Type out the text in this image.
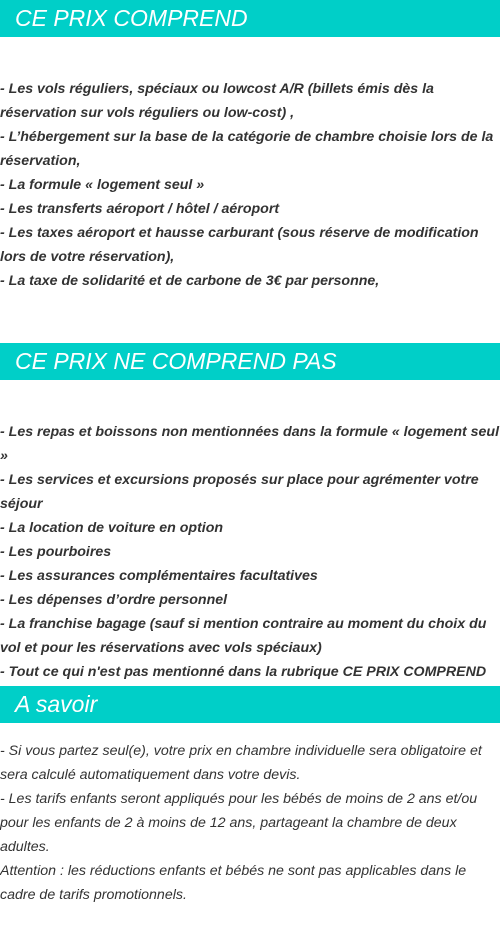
CE PRIX COMPREND
- Les vols réguliers, spéciaux ou lowcost A/R (billets émis dès la réservation sur vols réguliers ou low-cost) ,
- L’hébergement sur la base de la catégorie de chambre choisie lors de la réservation,
- La formule « logement seul »
- Les transferts aéroport / hôtel / aéroport
- Les taxes aéroport et hausse carburant (sous réserve de modification lors de votre réservation),
- La taxe de solidarité et de carbone de 3€ par personne,
CE PRIX NE COMPREND PAS
- Les repas et boissons non mentionnées dans la formule « logement seul »
- Les services et excursions proposés sur place pour agrémenter votre séjour
- La location de voiture en option
- Les pourboires
- Les assurances complémentaires facultatives
- Les dépenses d’ordre personnel
- La franchise bagage (sauf si mention contraire au moment du choix du vol et pour les réservations avec vols spéciaux)
- Tout ce qui n'est pas mentionné dans la rubrique CE PRIX COMPREND
A savoir
- Si vous partez seul(e), votre prix en chambre individuelle sera obligatoire et sera calculé automatiquement dans votre devis.
- Les tarifs enfants seront appliqués pour les bébés de moins de 2 ans et/ou pour les enfants de 2 à moins de 12 ans, partageant la chambre de deux adultes.
Attention : les réductions enfants et bébés ne sont pas applicables dans le cadre de tarifs promotionnels.
